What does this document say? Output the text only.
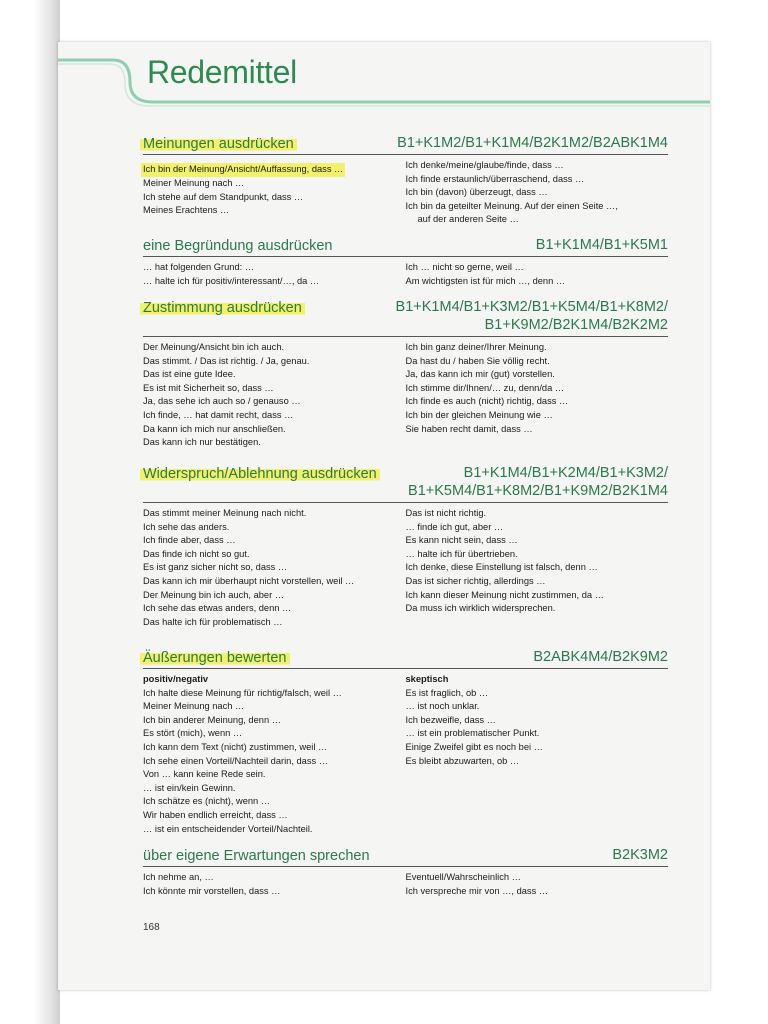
Redemittel
Meinungen ausdrücken	B1+K1M2/B1+K1M4/B2K1M2/B2ABK1M4
Ich bin der Meinung/Ansicht/Auffassung, dass …
Meiner Meinung nach …
Ich stehe auf dem Standpunkt, dass …
Meines Erachtens …
Ich denke/meine/glaube/finde, dass …
Ich finde erstaunlich/überraschend, dass …
Ich bin (davon) überzeugt, dass …
Ich bin da geteilter Meinung. Auf der einen Seite …,
auf der anderen Seite …
eine Begründung ausdrücken	B1+K1M4/B1+K5M1
… hat folgenden Grund: …
… halte ich für positiv/interessant/…, da …
Ich … nicht so gerne, weil …
Am wichtigsten ist für mich …, denn …
Zustimmung ausdrücken	B1+K1M4/B1+K3M2/B1+K5M4/B1+K8M2/
B1+K9M2/B2K1M4/B2K2M2
Der Meinung/Ansicht bin ich auch.
Das stimmt. / Das ist richtig. / Ja, genau.
Das ist eine gute Idee.
Es ist mit Sicherheit so, dass …
Ja, das sehe ich auch so / genauso …
Ich finde, … hat damit recht, dass …
Da kann ich mich nur anschließen.
Das kann ich nur bestätigen.
Ich bin ganz deiner/Ihrer Meinung.
Da hast du / haben Sie völlig recht.
Ja, das kann ich mir (gut) vorstellen.
Ich stimme dir/Ihnen/… zu, denn/da …
Ich finde es auch (nicht) richtig, dass …
Ich bin der gleichen Meinung wie …
Sie haben recht damit, dass …
Widerspruch/Ablehnung ausdrücken	B1+K1M4/B1+K2M4/B1+K3M2/
B1+K5M4/B1+K8M2/B1+K9M2/B2K1M4
Das stimmt meiner Meinung nach nicht.
Ich sehe das anders.
Ich finde aber, dass …
Das finde ich nicht so gut.
Es ist ganz sicher nicht so, dass …
Das kann ich mir überhaupt nicht vorstellen, weil …
Der Meinung bin ich auch, aber …
Ich sehe das etwas anders, denn …
Das halte ich für problematisch …
Das ist nicht richtig.
… finde ich gut, aber …
Es kann nicht sein, dass …
… halte ich für übertrieben.
Ich denke, diese Einstellung ist falsch, denn …
Das ist sicher richtig, allerdings …
Ich kann dieser Meinung nicht zustimmen, da …
Da muss ich wirklich widersprechen.
Äußerungen bewerten	B2ABK4M4/B2K9M2
positiv/negativ
Ich halte diese Meinung für richtig/falsch, weil …
Meiner Meinung nach …
Ich bin anderer Meinung, denn …
Es stört (mich), wenn …
Ich kann dem Text (nicht) zustimmen, weil …
Ich sehe einen Vorteil/Nachteil darin, dass …
Von … kann keine Rede sein.
… ist ein/kein Gewinn.
Ich schätze es (nicht), wenn …
Wir haben endlich erreicht, dass …
… ist ein entscheidender Vorteil/Nachteil.
skeptisch
Es ist fraglich, ob …
… ist noch unklar.
Ich bezweifle, dass …
… ist ein problematischer Punkt.
Einige Zweifel gibt es noch bei …
Es bleibt abzuwarten, ob …
über eigene Erwartungen sprechen	B2K3M2
Ich nehme an, …
Ich könnte mir vorstellen, dass …
Eventuell/Wahrscheinlich …
Ich verspreche mir von …, dass …
168
